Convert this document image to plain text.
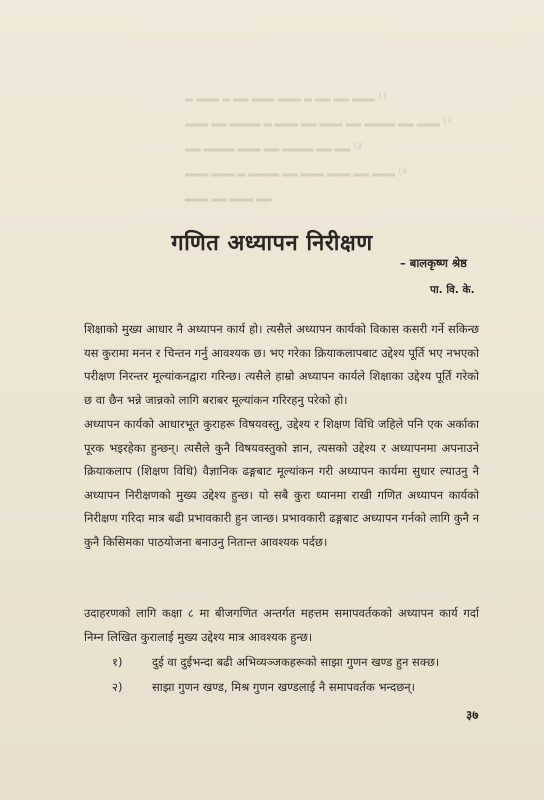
▂ ▂▂▂ ▂ ▂▂ ▂▂▂ ▂▂▂ ▂ ▂▂ ▂▂ ▂▂▂ (१
▂▂▂ ▂▂ ▂▂▂▂ ▂ ▂▂▂ ▂▂ ▂▂▂ ▂▂ ▂▂▂▂ ▂▂ ▂▂▂ (२
▂▂ ▂▂▂▂ ▂▂▂ ▂▂ ▂▂▂▂ ▂▂ ▂▂ (३
▂▂▂ ▂▂▂ ▂ ▂▂▂▂ ▂▂ ▂▂▂ ▂▂▂ ▂▂ ▂▂▂ (४
▂▂▂ ▂▂ ▂▂▂ ▂▂
गणित अध्यापन निरीक्षण
– बालकृष्ण श्रेष्ठ
पा. वि. के.

शिक्षाको मुख्य आधार नै अध्यापन कार्य हो। त्यसैले अध्यापन कार्यको विकास कसरी गर्ने सकिन्छ यस कुरामा मनन र चिन्तन गर्नु आवश्यक छ। भए गरेका क्रियाकलापबाट उद्देश्य पूर्ति भए नभएको परीक्षण निरन्तर मूल्यांकनद्वारा गरिन्छ। त्यसैले हाम्रो अध्यापन कार्यले शिक्षाका उद्देश्य पूर्ति गरेको छ वा छैन भन्ने जान्नको लागि बराबर मूल्यांकन गरिरहनु परेको हो।

अध्यापन कार्यको आधारभूत कुराहरू विषयवस्तु, उद्देश्य र शिक्षण विधि जहिले पनि एक अर्काका पूरक भइरहेका हुन्छन्। त्यसैले कुनै विषयवस्तुको ज्ञान, त्यसको उद्देश्य र अध्यापनमा अपनाउने क्रियाकलाप (शिक्षण विधि) वैज्ञानिक ढङ्गबाट मूल्यांकन गरी अध्यापन कार्यमा सुधार ल्याउनु नै अध्यापन निरीक्षणको मुख्य उद्देश्य हुन्छ। यो सबै कुरा ध्यानमा राखी गणित अध्यापन कार्यको निरीक्षण गरिदा मात्र बढी प्रभावकारी हुन जान्छ। प्रभावकारी ढङ्गबाट अध्यापन गर्नको लागि कुनै न कुनै किसिमका पाठयोजना बनाउनु नितान्त आवश्यक पर्दछ।

उदाहरणको लागि कक्षा ८ मा बीजगणित अन्तर्गत महत्तम समापवर्तकको अध्यापन कार्य गर्दा निम्न लिखित कुरालाई मुख्य उद्देश्य मात्र आवश्यक हुन्छ।

१)	दुई वा दुईभन्दा बढी अभिव्यञ्जकहरूको साझा गुणन खण्ड हुन सक्छ।
२)	साझा गुणन खण्ड, मिश्र गुणन खण्डलाई नै समापवर्तक भन्दछन्।
३७
